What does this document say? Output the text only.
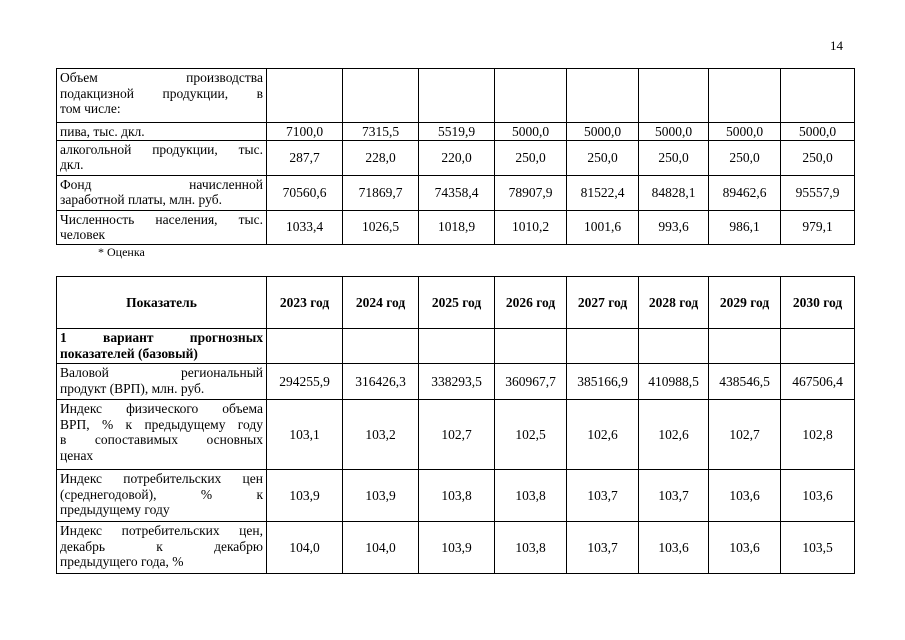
14
Объем производства
подакцизной продукции, в
том числе:								

пива, тыс. дкл.	7100,0	7315,5	5519,9	5000,0	5000,0	5000,0	5000,0	5000,0

алкогольной продукции, тыс.
дкл.	287,7	228,0	220,0	250,0	250,0	250,0	250,0	250,0

Фонд начисленной
заработной платы, млн. руб.	70560,6	71869,7	74358,4	78907,9	81522,4	84828,1	89462,6	95557,9

Численность населения, тыс.
человек	1033,4	1026,5	1018,9	1010,2	1001,6	993,6	986,1	979,1
* Оценка
Показатель	2023 год	2024 год	2025 год	2026 год	2027 год	2028 год	2029 год	2030 год

1 вариант прогнозных
показателей (базовый)								

Валовой региональный
продукт (ВРП), млн. руб.	294255,9	316426,3	338293,5	360967,7	385166,9	410988,5	438546,5	467506,4

Индекс физического объема
ВРП, % к предыдущему году
в сопоставимых основных
ценах	103,1	103,2	102,7	102,5	102,6	102,6	102,7	102,8

Индекс потребительских цен
(среднегодовой), % к
предыдущему году	103,9	103,9	103,8	103,8	103,7	103,7	103,6	103,6

Индекс потребительских цен,
декабрь к декабрю
предыдущего года, %	104,0	104,0	103,9	103,8	103,7	103,6	103,6	103,5
